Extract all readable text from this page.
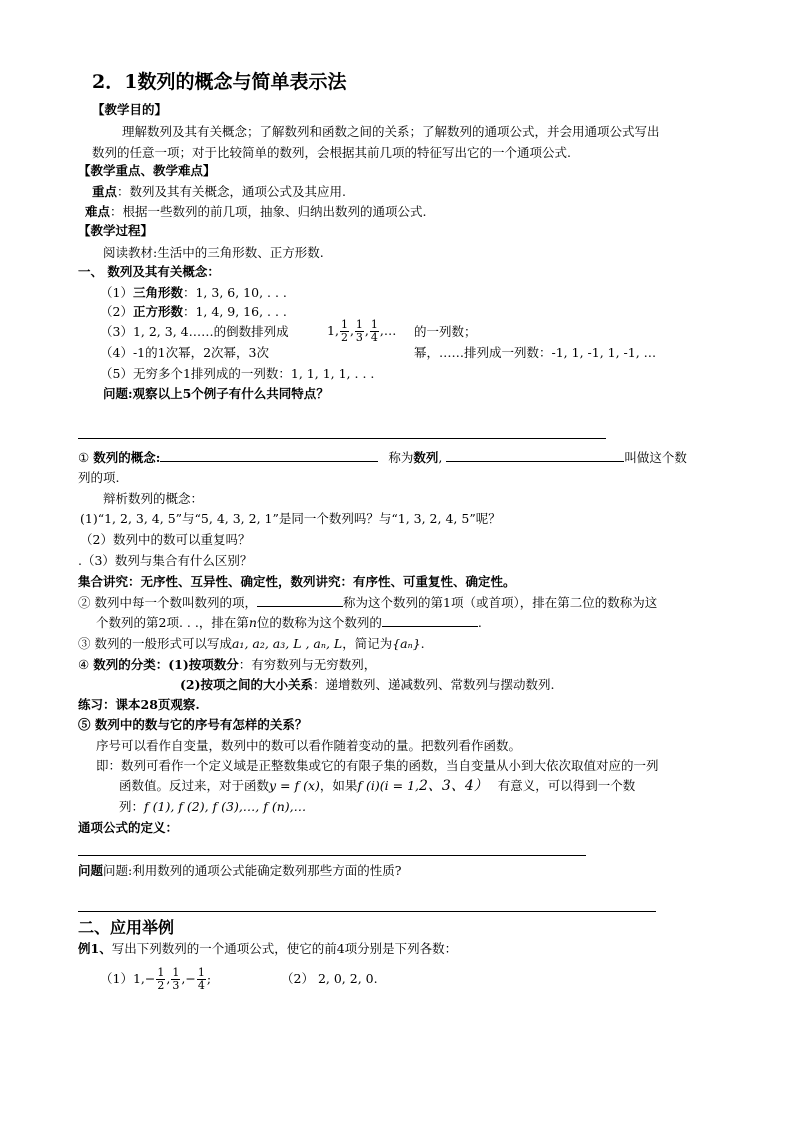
2．1数列的概念与简单表示法
【教学目的】
理解数列及其有关概念；了解数列和函数之间的关系；了解数列的通项公式，并会用通项公式写出
数列的任意一项；对于比较简单的数列，会根据其前几项的特征写出它的一个通项公式.
【教学重点、教学难点】
重点：数列及其有关概念，通项公式及其应用.
难点：根据一些数列的前几项，抽象、归纳出数列的通项公式.
【教学过程】
阅读教材:生活中的三角形数、正方形数.
一、 数列及其有关概念：
（1）三角形数：1, 3, 6, 10, . . .
（2）正方形数：1, 4, 9, 16, . . .
（3）1, 2, 3, 4……的倒数排列成	1, $\frac{1}{2}$ , $\frac{1}{3}$ , $\frac{1}{4}$ ,… 的一列数；
（4）-1的1次幂，2次幂，3次	幂，……排列成一列数：-1, 1, -1, 1, -1, …
（5）无穷多个1排列成的一列数：1, 1, 1, 1, . . .
问题:观察以上5个例子有什么共同特点？
① 数列的概念:	称为数列,	叫做这个数
列的项.
辩析数列的概念：
(1)“1, 2, 3, 4, 5”与“5, 4, 3, 2, 1”是同一个数列吗？与“1, 3, 2, 4, 5”呢？
（2）数列中的数可以重复吗？
.（3）数列与集合有什么区别？
集合讲究：无序性、互异性、确定性，数列讲究：有序性、可重复性、确定性。
② 数列中每一个数叫数列的项，	称为这个数列的第1项（或首项），排在第二位的数称为这
个数列的第2项. . .，排在第n位的数称为这个数列的	.
③ 数列的一般形式可以写成a₁, a₂, a₃, L , aₙ, L，简记为{aₙ}.
④ 数列的分类：(1)按项数分：有穷数列与无穷数列，
(2)按项之间的大小关系：递增数列、递减数列、常数列与摆动数列.
练习：课本28页观察.
⑤ 数列中的数与它的序号有怎样的关系？
序号可以看作自变量，数列中的数可以看作随着变动的量。把数列看作函数。
即：数列可看作一个定义域是正整数集或它的有限子集的函数，当自变量从小到大依次取值对应的一列
函数值。反过来，对于函数y = f (x)，如果f (i)(i = 1,2、3、4） 有意义，可以得到一个数
列：f (1), f (2), f (3),…, f (n),…
通项公式的定义：
问题问题:利用数列的通项公式能确定数列那些方面的性质?
二、应用举例
例1、写出下列数列的一个通项公式，使它的前4项分别是下列各数：
$(1)1,- \frac{1}{2}$ , $\frac{1}{3}$ ,− $\frac{1}{4}$ ;	（2） 2, 0, 2, 0.
